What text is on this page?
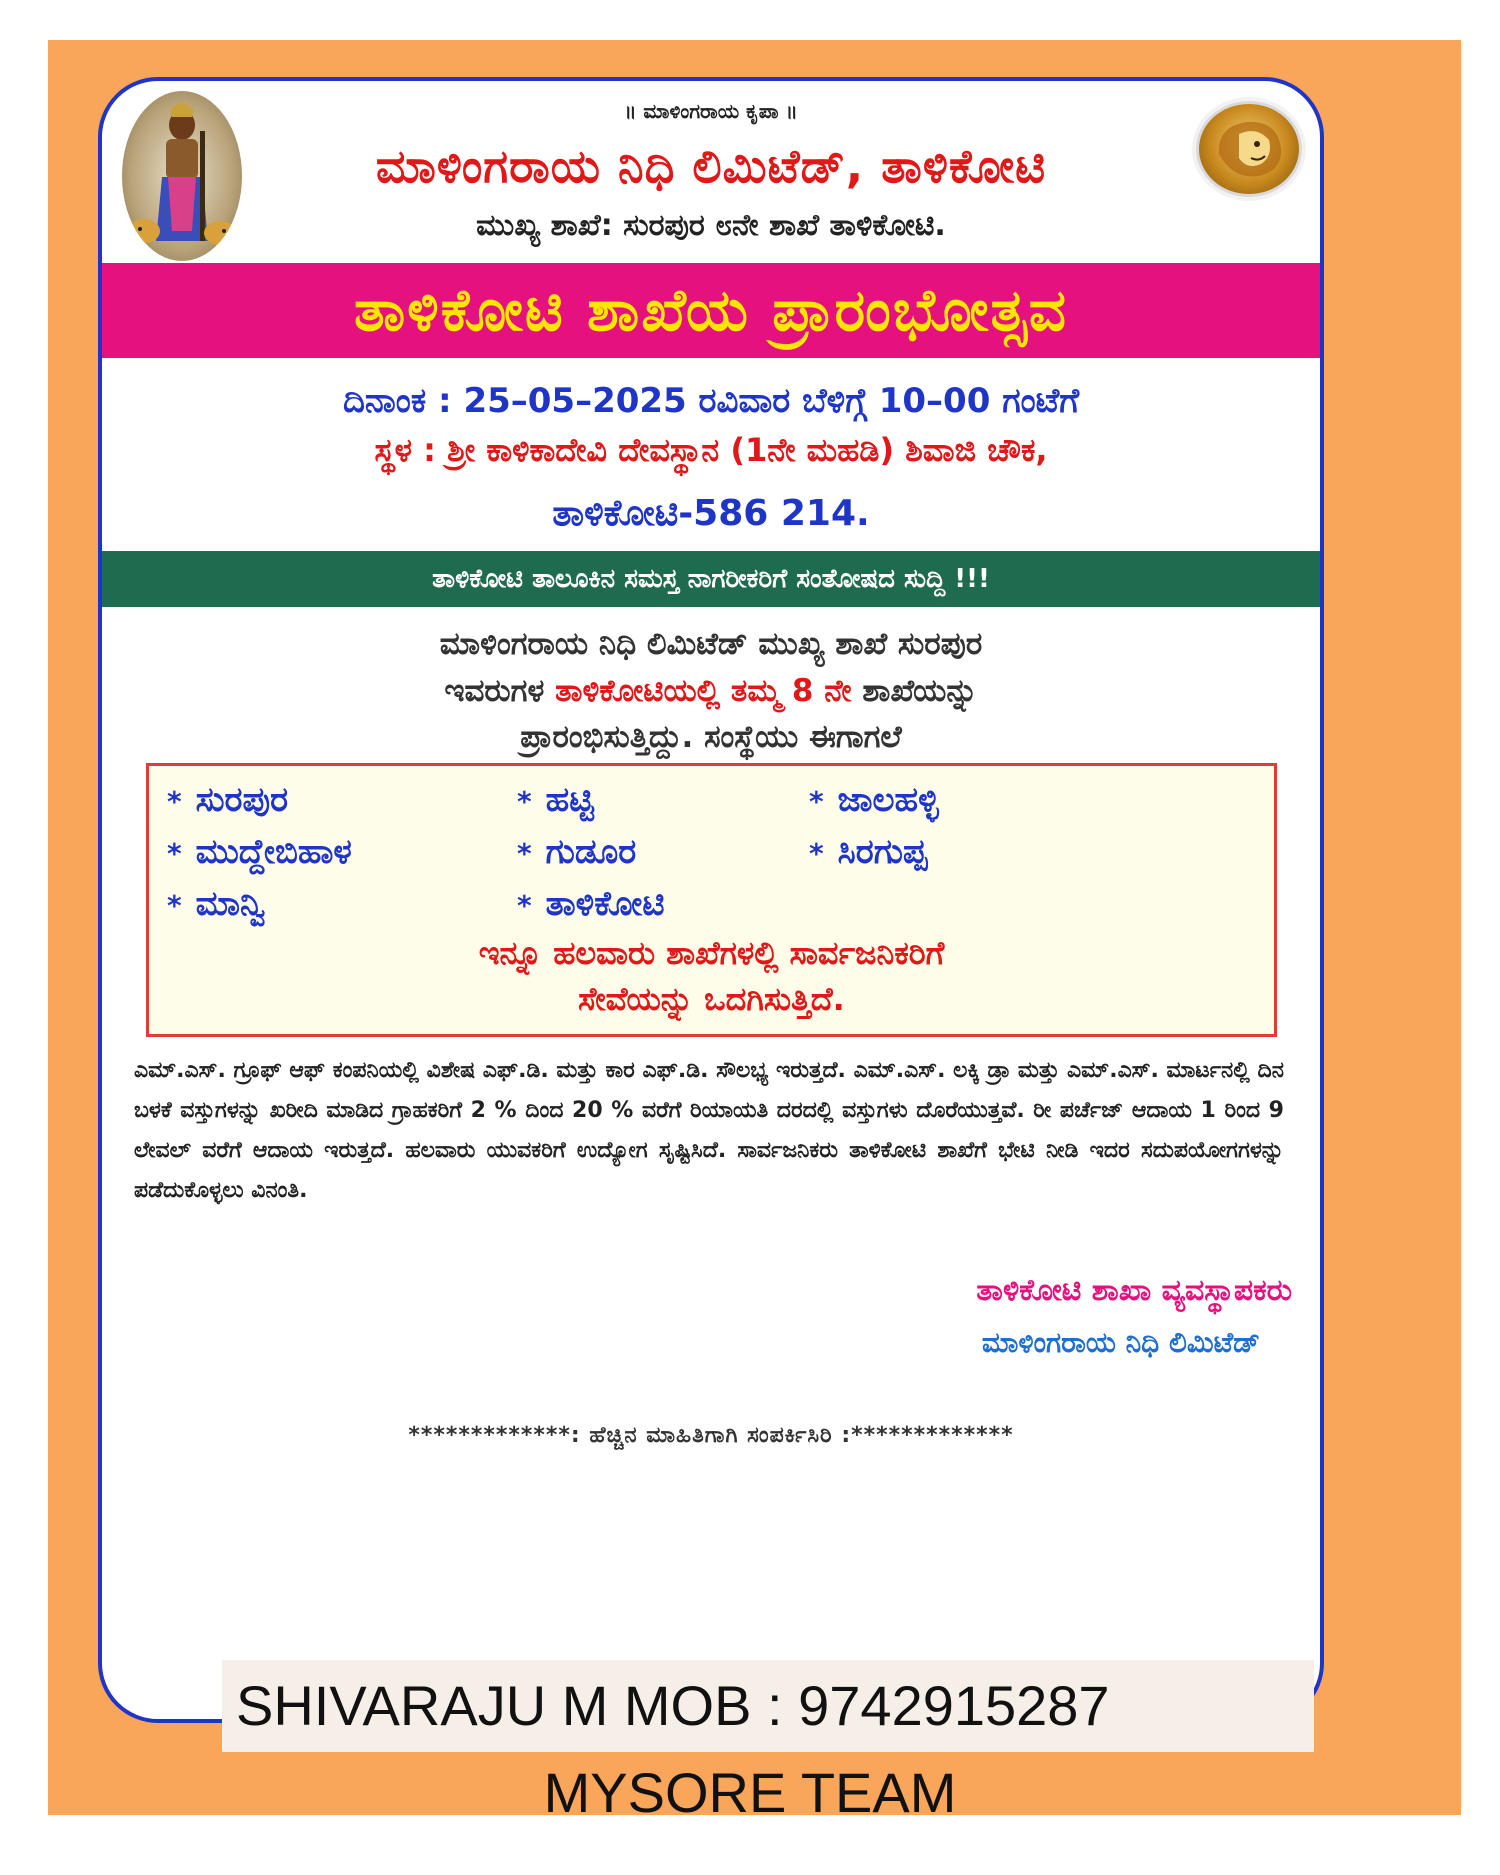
॥ ಮಾಳಿಂಗರಾಯ ಕೃಪಾ ॥
ಮಾಳಿಂಗರಾಯ ನಿಧಿ ಲಿಮಿಟೆಡ್, ತಾಳಿಕೋಟಿ
ಮುಖ್ಯ ಶಾಖೆ: ಸುರಪುರ ೮ನೇ ಶಾಖೆ ತಾಳಿಕೋಟಿ.
ತಾಳಿಕೋಟಿ ಶಾಖೆಯ ಪ್ರಾರಂಭೋತ್ಸವ
ದಿನಾಂಕ : 25–05–2025 ರವಿವಾರ ಬೆಳಿಗ್ಗೆ 10–00 ಗಂಟೆಗೆ
ಸ್ಥಳ : ಶ್ರೀ ಕಾಳಿಕಾದೇವಿ ದೇವಸ್ಥಾನ (1ನೇ ಮಹಡಿ) ಶಿವಾಜಿ ಚೌಕ,
ತಾಳಿಕೋಟಿ-586 214.
ತಾಳಿಕೋಟಿ ತಾಲೂಕಿನ ಸಮಸ್ತ ನಾಗರೀಕರಿಗೆ ಸಂತೋಷದ ಸುದ್ದಿ !!!
ಮಾಳಿಂಗರಾಯ ನಿಧಿ ಲಿಮಿಟೆಡ್ ಮುಖ್ಯ ಶಾಖೆ ಸುರಪುರ
ಇವರುಗಳ ತಾಳಿಕೋಟಿಯಲ್ಲಿ ತಮ್ಮ 8 ನೇ ಶಾಖೆಯನ್ನು
ಪ್ರಾರಂಭಿಸುತ್ತಿದ್ದು. ಸಂಸ್ಥೆಯು ಈಗಾಗಲೆ
* ಸುರಪುರ	* ಹಟ್ಟಿ	* ಜಾಲಹಳ್ಳಿ
* ಮುದ್ದೇಬಿಹಾಳ	* ಗುಡೂರ	* ಸಿರಗುಪ್ಪ
* ಮಾನ್ವಿ	* ತಾಳಿಕೋಟಿ
ಇನ್ನೂ ಹಲವಾರು ಶಾಖೆಗಳಲ್ಲಿ ಸಾರ್ವಜನಿಕರಿಗೆ
ಸೇವೆಯನ್ನು ಒದಗಿಸುತ್ತಿದೆ.
ಎಮ್.ಎಸ್. ಗ್ರೂಫ್ ಆಫ್ ಕಂಪನಿಯಲ್ಲಿ ವಿಶೇಷ ಎಫ್.ಡಿ. ಮತ್ತು ಕಾರ ಎಫ್.ಡಿ. ಸೌಲಭ್ಯ ಇರುತ್ತದೆ. ಎಮ್.ಎಸ್. ಲಕ್ಕಿ ಡ್ರಾ ಮತ್ತು ಎಮ್.ಎಸ್. ಮಾರ್ಟನಲ್ಲಿ ದಿನ ಬಳಕೆ ವಸ್ತುಗಳನ್ನು ಖರೀದಿ ಮಾಡಿದ ಗ್ರಾಹಕರಿಗೆ 2 % ದಿಂದ 20 % ವರೆಗೆ ರಿಯಾಯತಿ ದರದಲ್ಲಿ ವಸ್ತುಗಳು ದೊರೆಯುತ್ತವೆ. ರೀ ಪರ್ಚೆಜ್ ಆದಾಯ 1 ರಿಂದ 9 ಲೇವಲ್ ವರೆಗೆ ಆದಾಯ ಇರುತ್ತದೆ. ಹಲವಾರು ಯುವಕರಿಗೆ ಉದ್ಯೋಗ ಸೃಷ್ಟಿಸಿದೆ. ಸಾರ್ವಜನಿಕರು ತಾಳಿಕೋಟಿ ಶಾಖೆಗೆ ಭೇಟಿ ನೀಡಿ ಇದರ ಸದುಪಯೋಗಗಳನ್ನು ಪಡೆದುಕೊಳ್ಳಲು ವಿನಂತಿ.
ತಾಳಿಕೋಟಿ ಶಾಖಾ ವ್ಯವಸ್ಥಾಪಕರು
ಮಾಳಿಂಗರಾಯ ನಿಧಿ ಲಿಮಿಟೆಡ್
*************: ಹೆಚ್ಚಿನ ಮಾಹಿತಿಗಾಗಿ ಸಂಪರ್ಕಿಸಿರಿ :*************
SHIVARAJU M MOB : 9742915287
MYSORE TEAM
